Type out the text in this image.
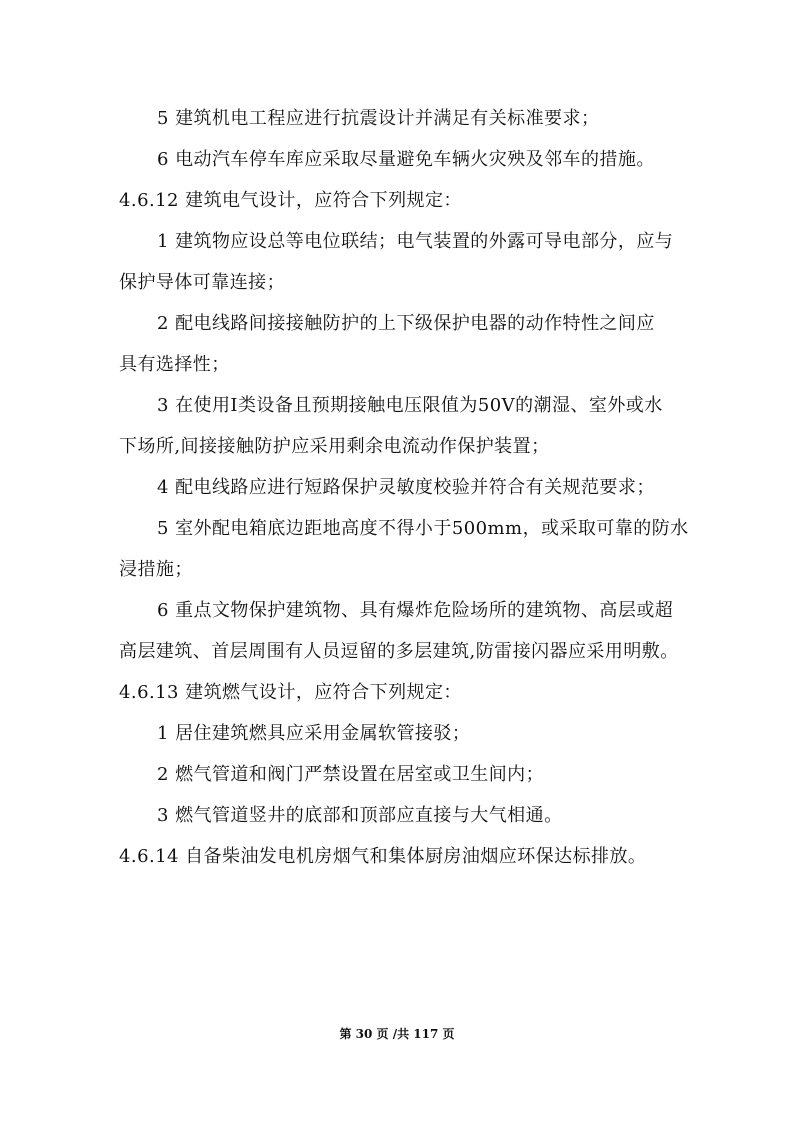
5 建筑机电工程应进行抗震设计并满足有关标准要求；
6 电动汽车停车库应采取尽量避免车辆火灾殃及邻车的措施。
4.6.12 建筑电气设计，应符合下列规定：
1 建筑物应设总等电位联结；电气装置的外露可导电部分，应与
保护导体可靠连接；
2 配电线路间接接触防护的上下级保护电器的动作特性之间应
具有选择性；
3 在使用Ⅰ类设备且预期接触电压限值为50V的潮湿、室外或水
下场所,间接接触防护应采用剩余电流动作保护装置；
4 配电线路应进行短路保护灵敏度校验并符合有关规范要求；
5 室外配电箱底边距地高度不得小于500mm，或采取可靠的防水
浸措施；
6 重点文物保护建筑物、具有爆炸危险场所的建筑物、高层或超
高层建筑、首层周围有人员逗留的多层建筑,防雷接闪器应采用明敷。
4.6.13 建筑燃气设计，应符合下列规定：
1 居住建筑燃具应采用金属软管接驳；
2 燃气管道和阀门严禁设置在居室或卫生间内；
3 燃气管道竖井的底部和顶部应直接与大气相通。
4.6.14 自备柴油发电机房烟气和集体厨房油烟应环保达标排放。
第 30 页 /共 117 页
